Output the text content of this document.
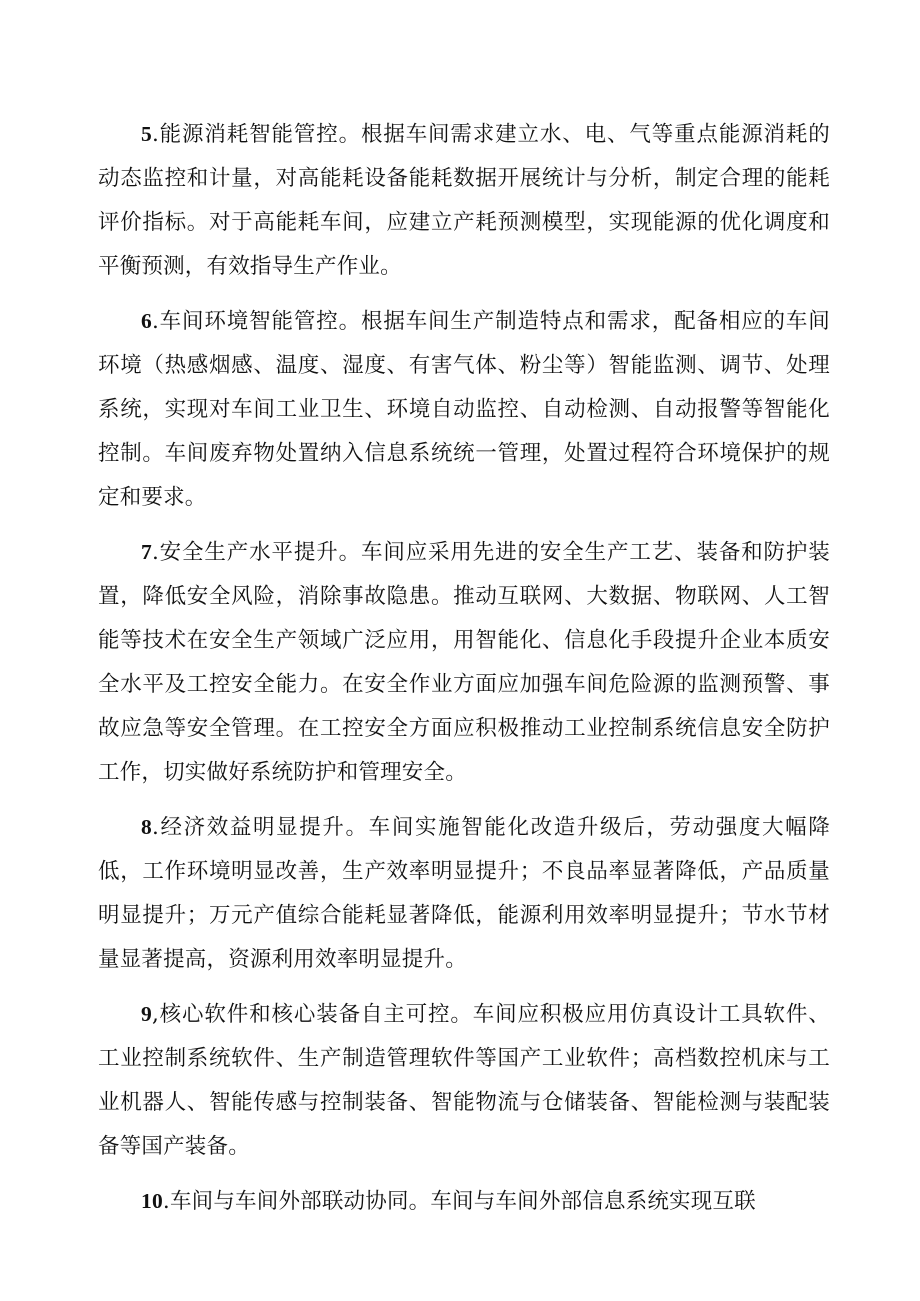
5.能源消耗智能管控。根据车间需求建立水、电、气等重点能源消耗的动态监控和计量，对高能耗设备能耗数据开展统计与分析，制定合理的能耗评价指标。对于高能耗车间，应建立产耗预测模型，实现能源的优化调度和平衡预测，有效指导生产作业。

6.车间环境智能管控。根据车间生产制造特点和需求，配备相应的车间环境（热感烟感、温度、湿度、有害气体、粉尘等）智能监测、调节、处理系统，实现对车间工业卫生、环境自动监控、自动检测、自动报警等智能化控制。车间废弃物处置纳入信息系统统一管理，处置过程符合环境保护的规定和要求。

7.安全生产水平提升。车间应采用先进的安全生产工艺、装备和防护装置，降低安全风险，消除事故隐患。推动互联网、大数据、物联网、人工智能等技术在安全生产领域广泛应用，用智能化、信息化手段提升企业本质安全水平及工控安全能力。在安全作业方面应加强车间危险源的监测预警、事故应急等安全管理。在工控安全方面应积极推动工业控制系统信息安全防护工作，切实做好系统防护和管理安全。

8.经济效益明显提升。车间实施智能化改造升级后，劳动强度大幅降低，工作环境明显改善，生产效率明显提升；不良品率显著降低，产品质量明显提升；万元产值综合能耗显著降低，能源利用效率明显提升；节水节材量显著提高，资源利用效率明显提升。

9,核心软件和核心装备自主可控。车间应积极应用仿真设计工具软件、工业控制系统软件、生产制造管理软件等国产工业软件；高档数控机床与工业机器人、智能传感与控制装备、智能物流与仓储装备、智能检测与装配装备等国产装备。

10.车间与车间外部联动协同。车间与车间外部信息系统实现互联
